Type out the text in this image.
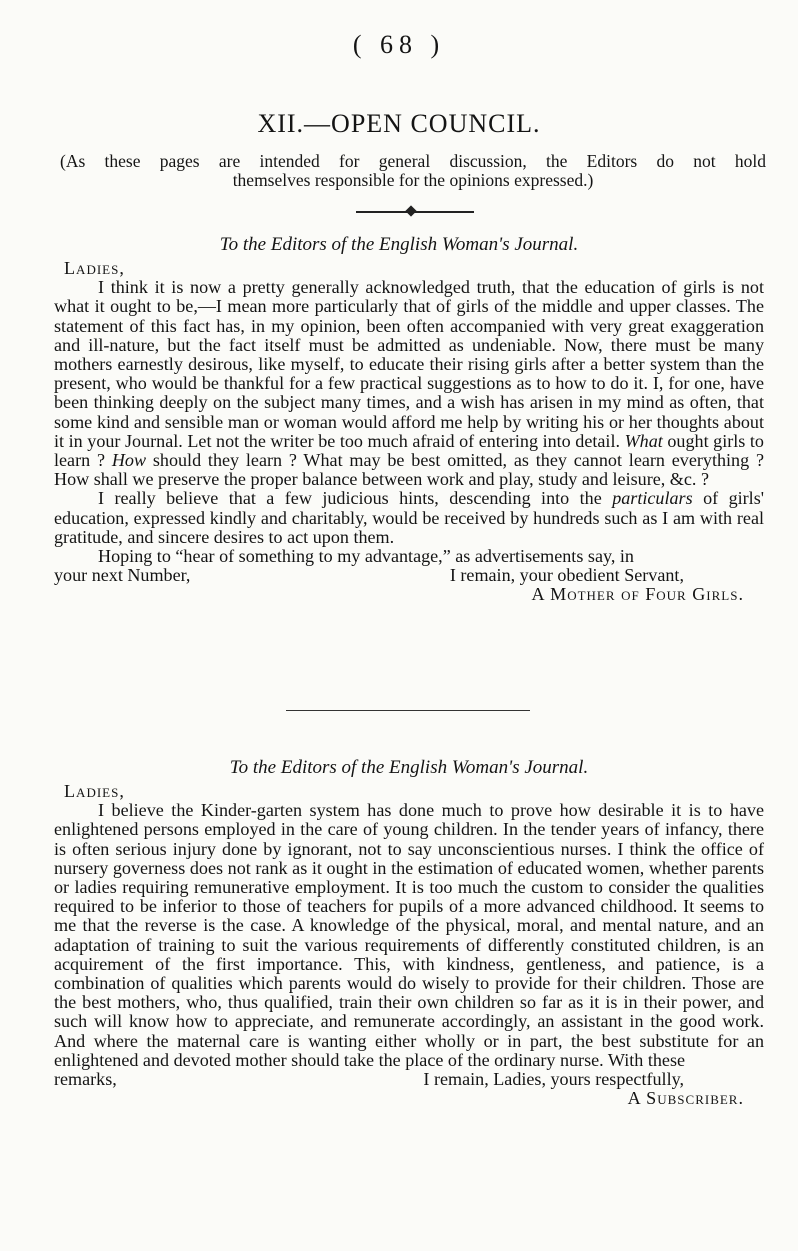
( 68 )
XII.—OPEN COUNCIL.

(As these pages are intended for general discussion, the Editors do not hold

themselves responsible for the opinions expressed.)

To the Editors of the English Woman's Journal.

Ladies,

I think it is now a pretty generally acknowledged truth, that the education of girls is not what it ought to be,—I mean more particularly that of girls of the middle and upper classes. The statement of this fact has, in my opinion, been often accompanied with very great exaggeration and ill-nature, but the fact itself must be admitted as undeniable. Now, there must be many mothers earnestly desirous, like myself, to educate their rising girls after a better system than the present, who would be thankful for a few practical suggestions as to how to do it. I, for one, have been thinking deeply on the subject many times, and a wish has arisen in my mind as often, that some kind and sensible man or woman would afford me help by writing his or her thoughts about it in your Journal. Let not the writer be too much afraid of entering into detail. What ought girls to learn ? How should they learn ? What may be best omitted, as they cannot learn everything ? How shall we preserve the proper balance between work and play, study and leisure, &c. ?

I really believe that a few judicious hints, descending into the particulars of girls' education, expressed kindly and charitably, would be received by hundreds such as I am with real gratitude, and sincere desires to act upon them.

Hoping to “hear of something to my advantage,” as advertisements say, in

your next Number,	I remain, your obedient Servant,

A Mother of Four Girls.

To the Editors of the English Woman's Journal.

Ladies,

I believe the Kinder-garten system has done much to prove how desirable it is to have enlightened persons employed in the care of young children. In the tender years of infancy, there is often serious injury done by ignorant, not to say unconscientious nurses. I think the office of nursery governess does not rank as it ought in the estimation of educated women, whether parents or ladies requiring remunerative employment. It is too much the custom to consider the qualities required to be inferior to those of teachers for pupils of a more advanced childhood. It seems to me that the reverse is the case. A knowledge of the physical, moral, and mental nature, and an adaptation of training to suit the various requirements of differently constituted children, is an acquirement of the first importance. This, with kindness, gentleness, and patience, is a combination of qualities which parents would do wisely to provide for their children. Those are the best mothers, who, thus qualified, train their own children so far as it is in their power, and such will know how to appreciate, and remunerate accordingly, an assistant in the good work. And where the maternal care is wanting either wholly or in part, the best substitute for an enlightened and devoted mother should take the place of the ordinary nurse. With these

remarks,	I remain, Ladies, yours respectfully,

A Subscriber.
